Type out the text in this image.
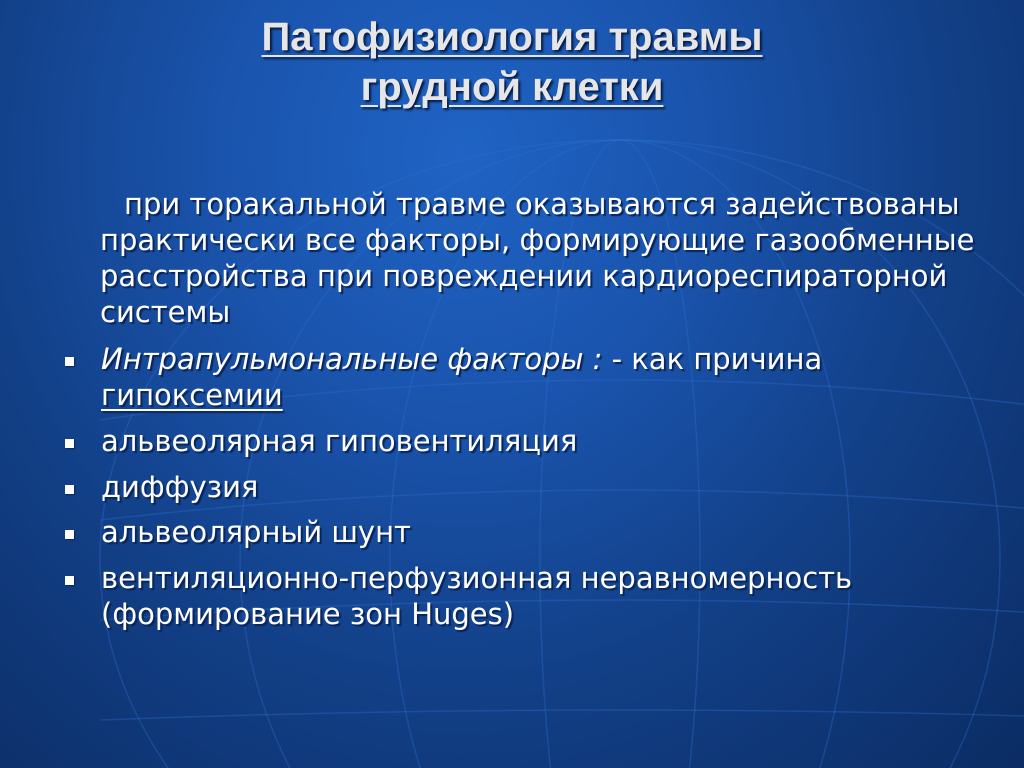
Патофизиология травмы
грудной клетки
при торакальной травме оказываются задействованы практически все факторы, формирующие газообменные расстройства при повреждении кардиореспираторной системы
Интрапульмональные факторы : - как причина
гипоксемии
альвеолярная гиповентиляция
диффузия
альвеолярный шунт
вентиляционно-перфузионная неравномерность (формирование зон Huges)
